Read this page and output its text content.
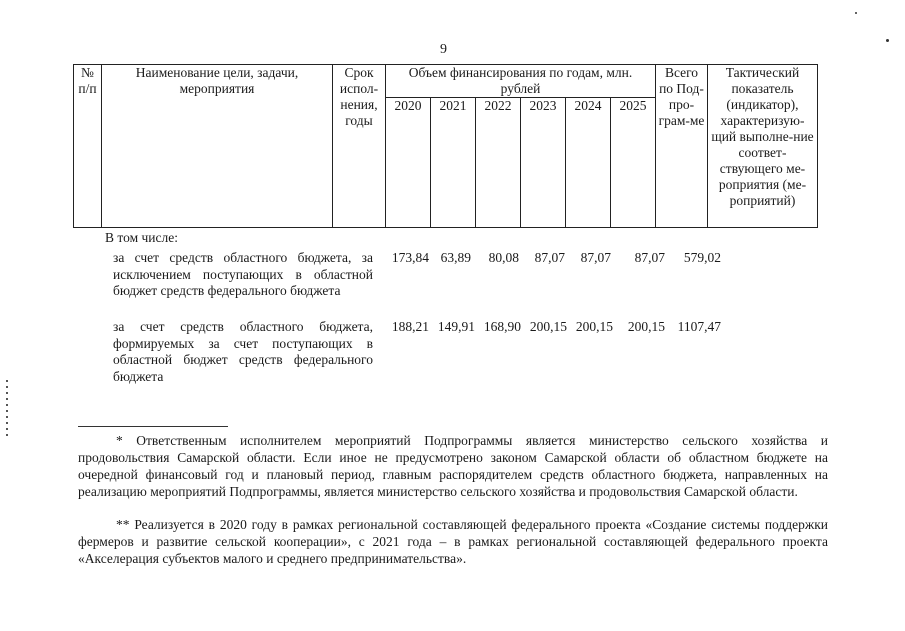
9
№ п/п	Наименование цели, задачи, мероприятия	Срок испол-нения, годы	Объем финансирования по годам, млн. рублей						Всего по Под-про-грам-ме	Тактический показатель (индикатор), характеризую-щий выполне-ние соответ-ствующего ме-роприятия (ме-роприятий)
			2020	2021	2022	2023	2024	2025		
В том числе:
за счет средств областного бюджета, за исключением поступающих в областной бюджет средств федерального бюджета
173,84 63,89	80,08	87,07	87,07	87,07	579,02
за счет средств областного бюджета, формируемых за счет поступающих в областной бюджет средств федерального бюджета
188,21 149,91 168,90 200,15 200,15	200,15 1107,47

* Ответственным исполнителем мероприятий Подпрограммы является министерство сельского хозяйства и продовольствия Самарской области. Если иное не предусмотрено законом Самарской области об областном бюджете на очередной финансовый год и плановый период, главным распорядителем средств областного бюджета, направленных на реализацию мероприятий Подпрограммы, является министерство сельского хозяйства и продовольствия Самарской области.

** Реализуется в 2020 году в рамках региональной составляющей федерального проекта «Создание системы поддержки фермеров и развитие сельской кооперации», с 2021 года – в рамках региональной составляющей федерального проекта «Акселерация субъектов малого и среднего предпринимательства».
